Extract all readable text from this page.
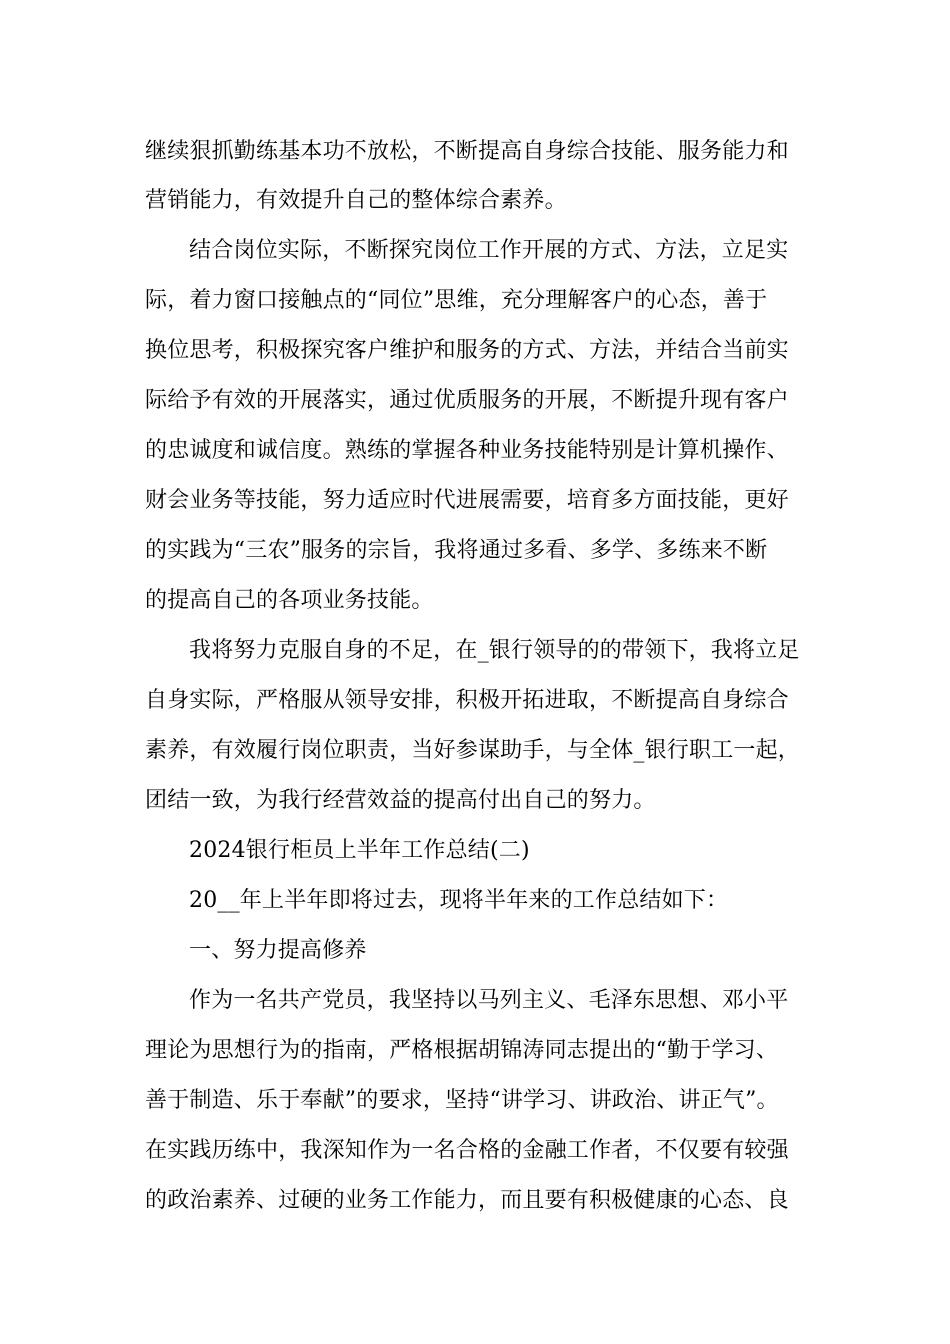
继续狠抓勤练基本功不放松，不断提高自身综合技能、服务能力和
营销能力，有效提升自己的整体综合素养。
结合岗位实际，不断探究岗位工作开展的方式、方法，立足实
际，着力窗口接触点的“同位”思维，充分理解客户的心态，善于
换位思考，积极探究客户维护和服务的方式、方法，并结合当前实
际给予有效的开展落实，通过优质服务的开展，不断提升现有客户
的忠诚度和诚信度。熟练的掌握各种业务技能特别是计算机操作、
财会业务等技能，努力适应时代进展需要，培育多方面技能，更好
的实践为“三农”服务的宗旨，我将通过多看、多学、多练来不断
的提高自己的各项业务技能。
我将努力克服自身的不足，在_银行领导的的带领下，我将立足
自身实际，严格服从领导安排，积极开拓进取，不断提高自身综合
素养，有效履行岗位职责，当好参谋助手，与全体_银行职工一起，
团结一致，为我行经营效益的提高付出自己的努力。
2024银行柜员上半年工作总结(二)
20__年上半年即将过去，现将半年来的工作总结如下：
一、努力提高修养
作为一名共产党员，我坚持以马列主义、毛泽东思想、邓小平
理论为思想行为的指南，严格根据胡锦涛同志提出的“勤于学习、
善于制造、乐于奉献”的要求，坚持“讲学习、讲政治、讲正气”。
在实践历练中，我深知作为一名合格的金融工作者，不仅要有较强
的政治素养、过硬的业务工作能力，而且要有积极健康的心态、良
